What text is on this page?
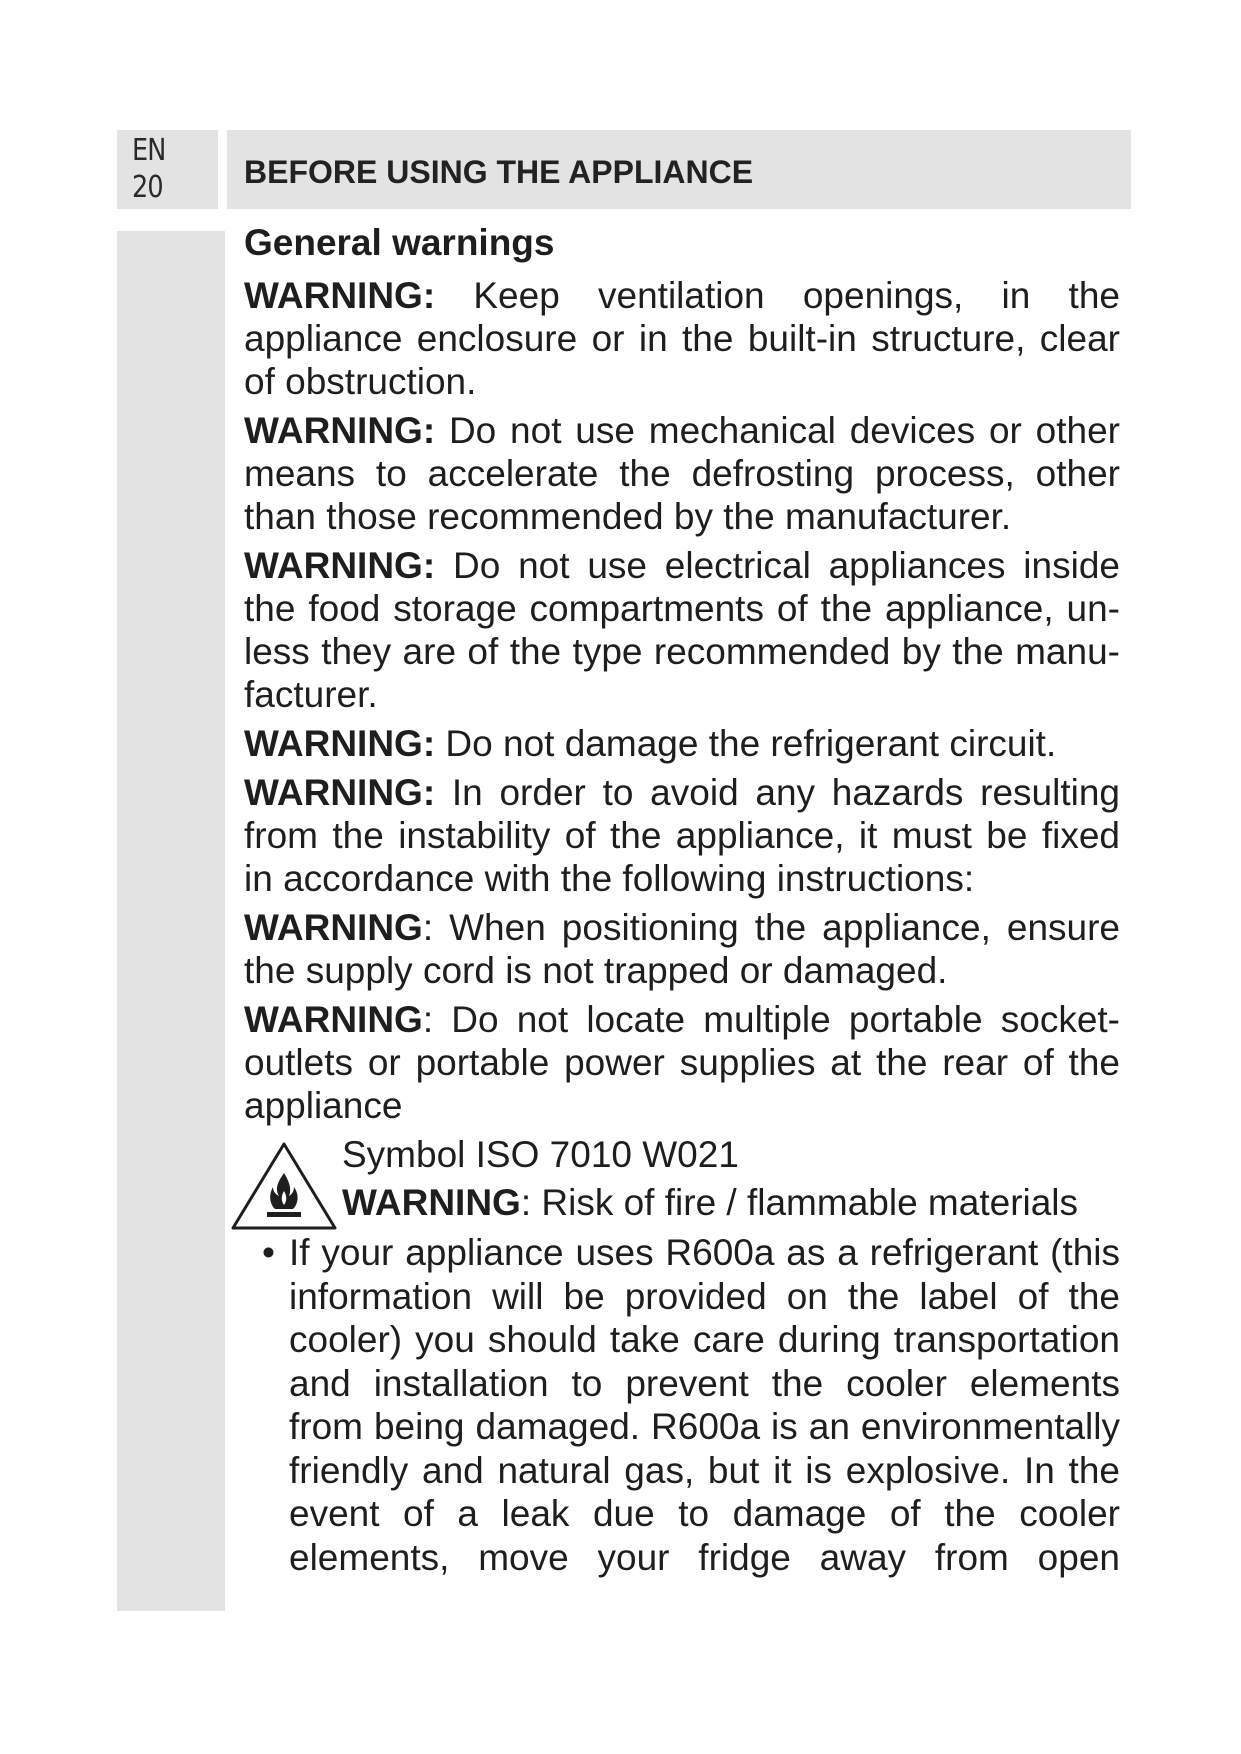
EN
20	BEFORE USING THE APPLIANCE
General warnings

WARNING: Keep ventilation openings, in the appliance enclosure or in the built-in structure, clear of obstruction.

WARNING: Do not use mechanical devices or other means to accelerate the defrosting process, other than those recommended by the manufacturer.

WARNING: Do not use electrical appliances inside the food storage compartments of the appliance, un-less they are of the type recommended by the manu-facturer.

WARNING: Do not damage the refrigerant circuit.

WARNING: In order to avoid any hazards resulting from the instability of the appliance, it must be fixed in accordance with the following instructions:

WARNING: When positioning the appliance, ensure the supply cord is not trapped or damaged.

WARNING: Do not locate multiple portable socket-outlets or portable power supplies at the rear of the appliance

Symbol ISO 7010 W021
WARNING: Risk of fire / flammable materials
• If your appliance uses R600a as a refrigerant (this information will be provided on the label of the cooler) you should take care during transportation and installation to prevent the cooler elements from being damaged. R600a is an environmentally friendly and natural gas, but it is explosive. In the event of a leak due to damage of the cooler elements, move your fridge away from open
